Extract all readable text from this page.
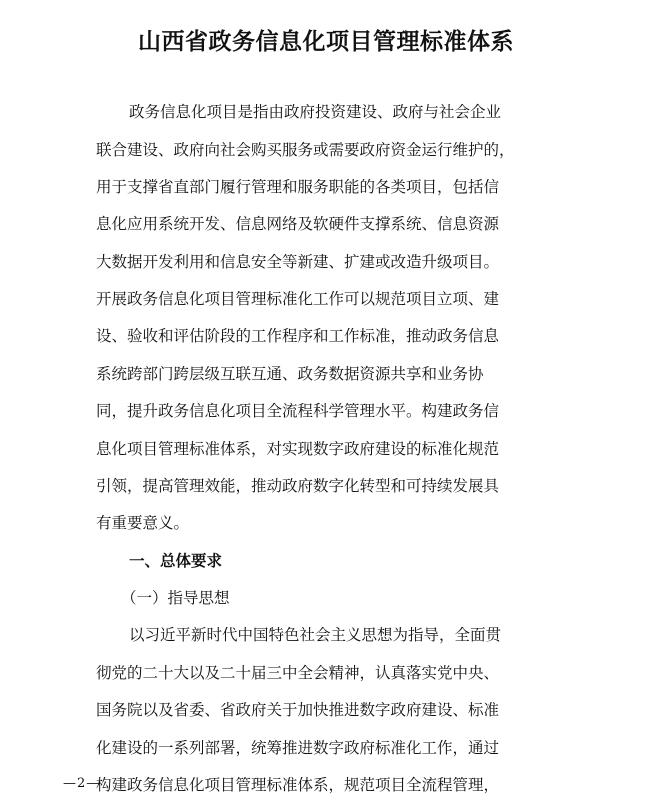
山西省政务信息化项目管理标准体系
政务信息化项目是指由政府投资建设、政府与社会企业
联合建设、政府向社会购买服务或需要政府资金运行维护的，
用于支撑省直部门履行管理和服务职能的各类项目，包括信
息化应用系统开发、信息网络及软硬件支撑系统、信息资源
大数据开发利用和信息安全等新建、扩建或改造升级项目。
开展政务信息化项目管理标准化工作可以规范项目立项、建
设、验收和评估阶段的工作程序和工作标准，推动政务信息
系统跨部门跨层级互联互通、政务数据资源共享和业务协
同，提升政务信息化项目全流程科学管理水平。构建政务信
息化项目管理标准体系，对实现数字政府建设的标准化规范
引领，提高管理效能，推动政府数字化转型和可持续发展具
有重要意义。
一、总体要求
（一）指导思想
以习近平新时代中国特色社会主义思想为指导，全面贯
彻党的二十大以及二十届三中全会精神，认真落实党中央、
国务院以及省委、省政府关于加快推进数字政府建设、标准
化建设的一系列部署，统筹推进数字政府标准化工作，通过
构建政务信息化项目管理标准体系，规范项目全流程管理，
—2—
